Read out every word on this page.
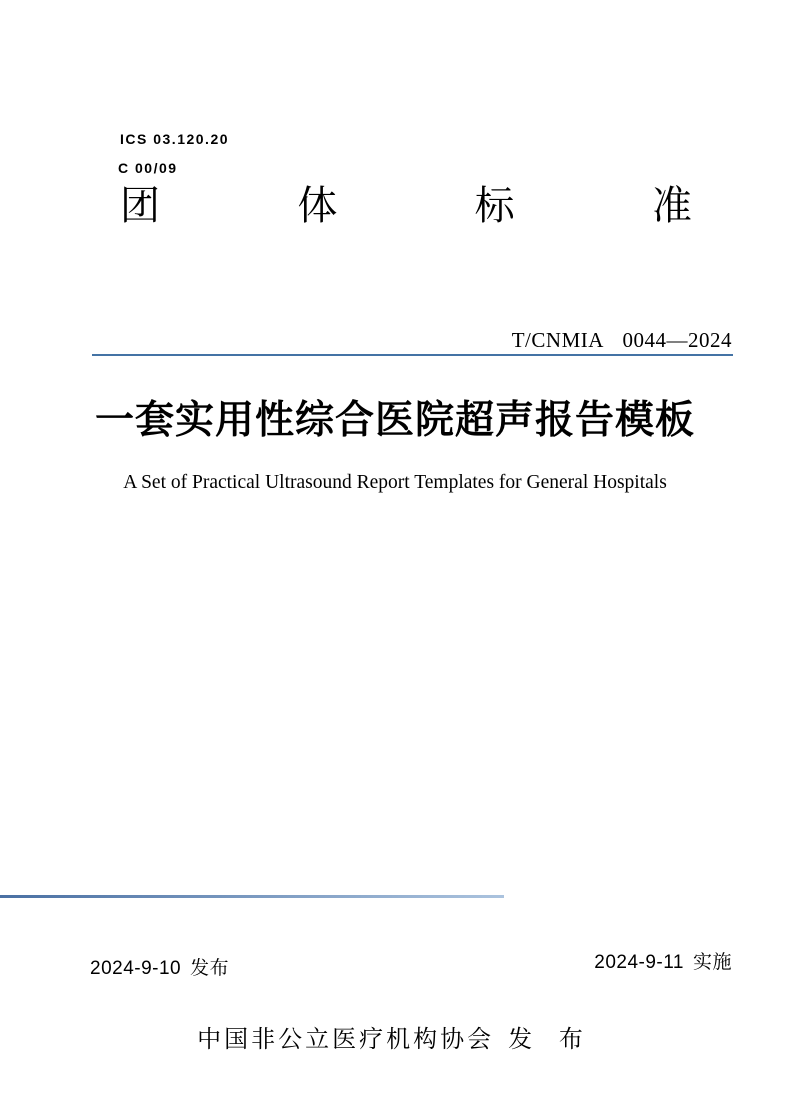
ICS 03.120.20
C 00/09
团	体	标	准
T/CNMIA 0044—2024
一套实用性综合医院超声报告模板
A Set of Practical Ultrasound Report Templates for General Hospitals
2024-9-10 发布	2024-9-11 实施
中国非公立医疗机构协会 发 布
